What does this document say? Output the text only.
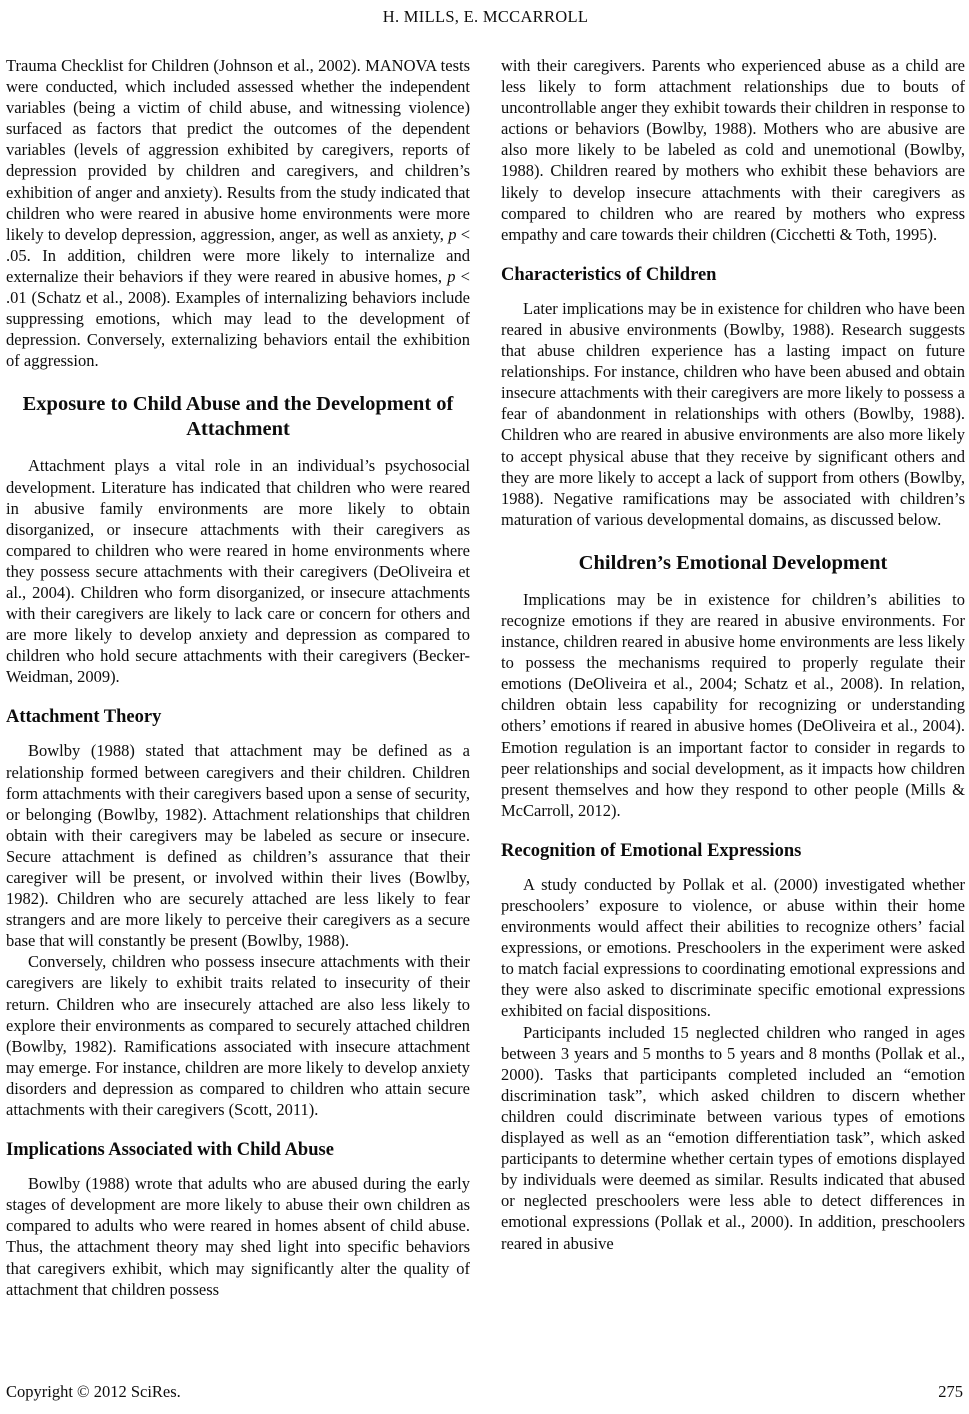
H. MILLS, E. MCCARROLL

Trauma Checklist for Children (Johnson et al., 2002). MANOVA tests were conducted, which included assessed whether the independent variables (being a victim of child abuse, and witnessing violence) surfaced as factors that predict the outcomes of the dependent variables (levels of aggression exhibited by caregivers, reports of depression provided by children and caregivers, and children’s exhibition of anger and anxiety). Results from the study indicated that children who were reared in abusive home environments were more likely to develop depression, aggression, anger, as well as anxiety, p < .05. In addition, children were more likely to internalize and externalize their behaviors if they were reared in abusive homes, p < .01 (Schatz et al., 2008). Examples of internalizing behaviors include suppressing emotions, which may lead to the development of depression. Conversely, externalizing behaviors entail the exhibition of aggression.

Exposure to Child Abuse and the Development of Attachment

Attachment plays a vital role in an individual’s psychosocial development. Literature has indicated that children who were reared in abusive family environments are more likely to obtain disorganized, or insecure attachments with their caregivers as compared to children who were reared in home environments where they possess secure attachments with their caregivers (DeOliveira et al., 2004). Children who form disorganized, or insecure attachments with their caregivers are likely to lack care or concern for others and are more likely to develop anxiety and depression as compared to children who hold secure attachments with their caregivers (Becker-Weidman, 2009).

Attachment Theory

Bowlby (1988) stated that attachment may be defined as a relationship formed between caregivers and their children. Children form attachments with their caregivers based upon a sense of security, or belonging (Bowlby, 1982). Attachment relationships that children obtain with their caregivers may be labeled as secure or insecure. Secure attachment is defined as children’s assurance that their caregiver will be present, or involved within their lives (Bowlby, 1982). Children who are securely attached are less likely to fear strangers and are more likely to perceive their caregivers as a secure base that will constantly be present (Bowlby, 1988).

Conversely, children who possess insecure attachments with their caregivers are likely to exhibit traits related to insecurity of their return. Children who are insecurely attached are also less likely to explore their environments as compared to securely attached children (Bowlby, 1982). Ramifications associated with insecure attachment may emerge. For instance, children are more likely to develop anxiety disorders and depression as compared to children who attain secure attachments with their caregivers (Scott, 2011).

Implications Associated with Child Abuse

Bowlby (1988) wrote that adults who are abused during the early stages of development are more likely to abuse their own children as compared to adults who were reared in homes absent of child abuse. Thus, the attachment theory may shed light into specific behaviors that caregivers exhibit, which may significantly alter the quality of attachment that children possess

with their caregivers. Parents who experienced abuse as a child are less likely to form attachment relationships due to bouts of uncontrollable anger they exhibit towards their children in response to actions or behaviors (Bowlby, 1988). Mothers who are abusive are also more likely to be labeled as cold and unemotional (Bowlby, 1988). Children reared by mothers who exhibit these behaviors are likely to develop insecure attachments with their caregivers as compared to children who are reared by mothers who express empathy and care towards their children (Cicchetti & Toth, 1995).

Characteristics of Children

Later implications may be in existence for children who have been reared in abusive environments (Bowlby, 1988). Research suggests that abuse children experience has a lasting impact on future relationships. For instance, children who have been abused and obtain insecure attachments with their caregivers are more likely to possess a fear of abandonment in relationships with others (Bowlby, 1988). Children who are reared in abusive environments are also more likely to accept physical abuse that they receive by significant others and they are more likely to accept a lack of support from others (Bowlby, 1988). Negative ramifications may be associated with children’s maturation of various developmental domains, as discussed below.

Children’s Emotional Development

Implications may be in existence for children’s abilities to recognize emotions if they are reared in abusive environments. For instance, children reared in abusive home environments are less likely to possess the mechanisms required to properly regulate their emotions (DeOliveira et al., 2004; Schatz et al., 2008). In relation, children obtain less capability for recognizing or understanding others’ emotions if reared in abusive homes (DeOliveira et al., 2004). Emotion regulation is an important factor to consider in regards to peer relationships and social development, as it impacts how children present themselves and how they respond to other people (Mills & McCarroll, 2012).

Recognition of Emotional Expressions

A study conducted by Pollak et al. (2000) investigated whether preschoolers’ exposure to violence, or abuse within their home environments would affect their abilities to recognize others’ facial expressions, or emotions. Preschoolers in the experiment were asked to match facial expressions to coordinating emotional expressions and they were also asked to discriminate specific emotional expressions exhibited on facial dispositions.

Participants included 15 neglected children who ranged in ages between 3 years and 5 months to 5 years and 8 months (Pollak et al., 2000). Tasks that participants completed included an “emotion discrimination task”, which asked children to discern whether children could discriminate between various types of emotions displayed as well as an “emotion differentiation task”, which asked participants to determine whether certain types of emotions displayed by individuals were deemed as similar. Results indicated that abused or neglected preschoolers were less able to detect differences in emotional expressions (Pollak et al., 2000). In addition, preschoolers reared in abusive

Copyright © 2012 SciRes.	275
